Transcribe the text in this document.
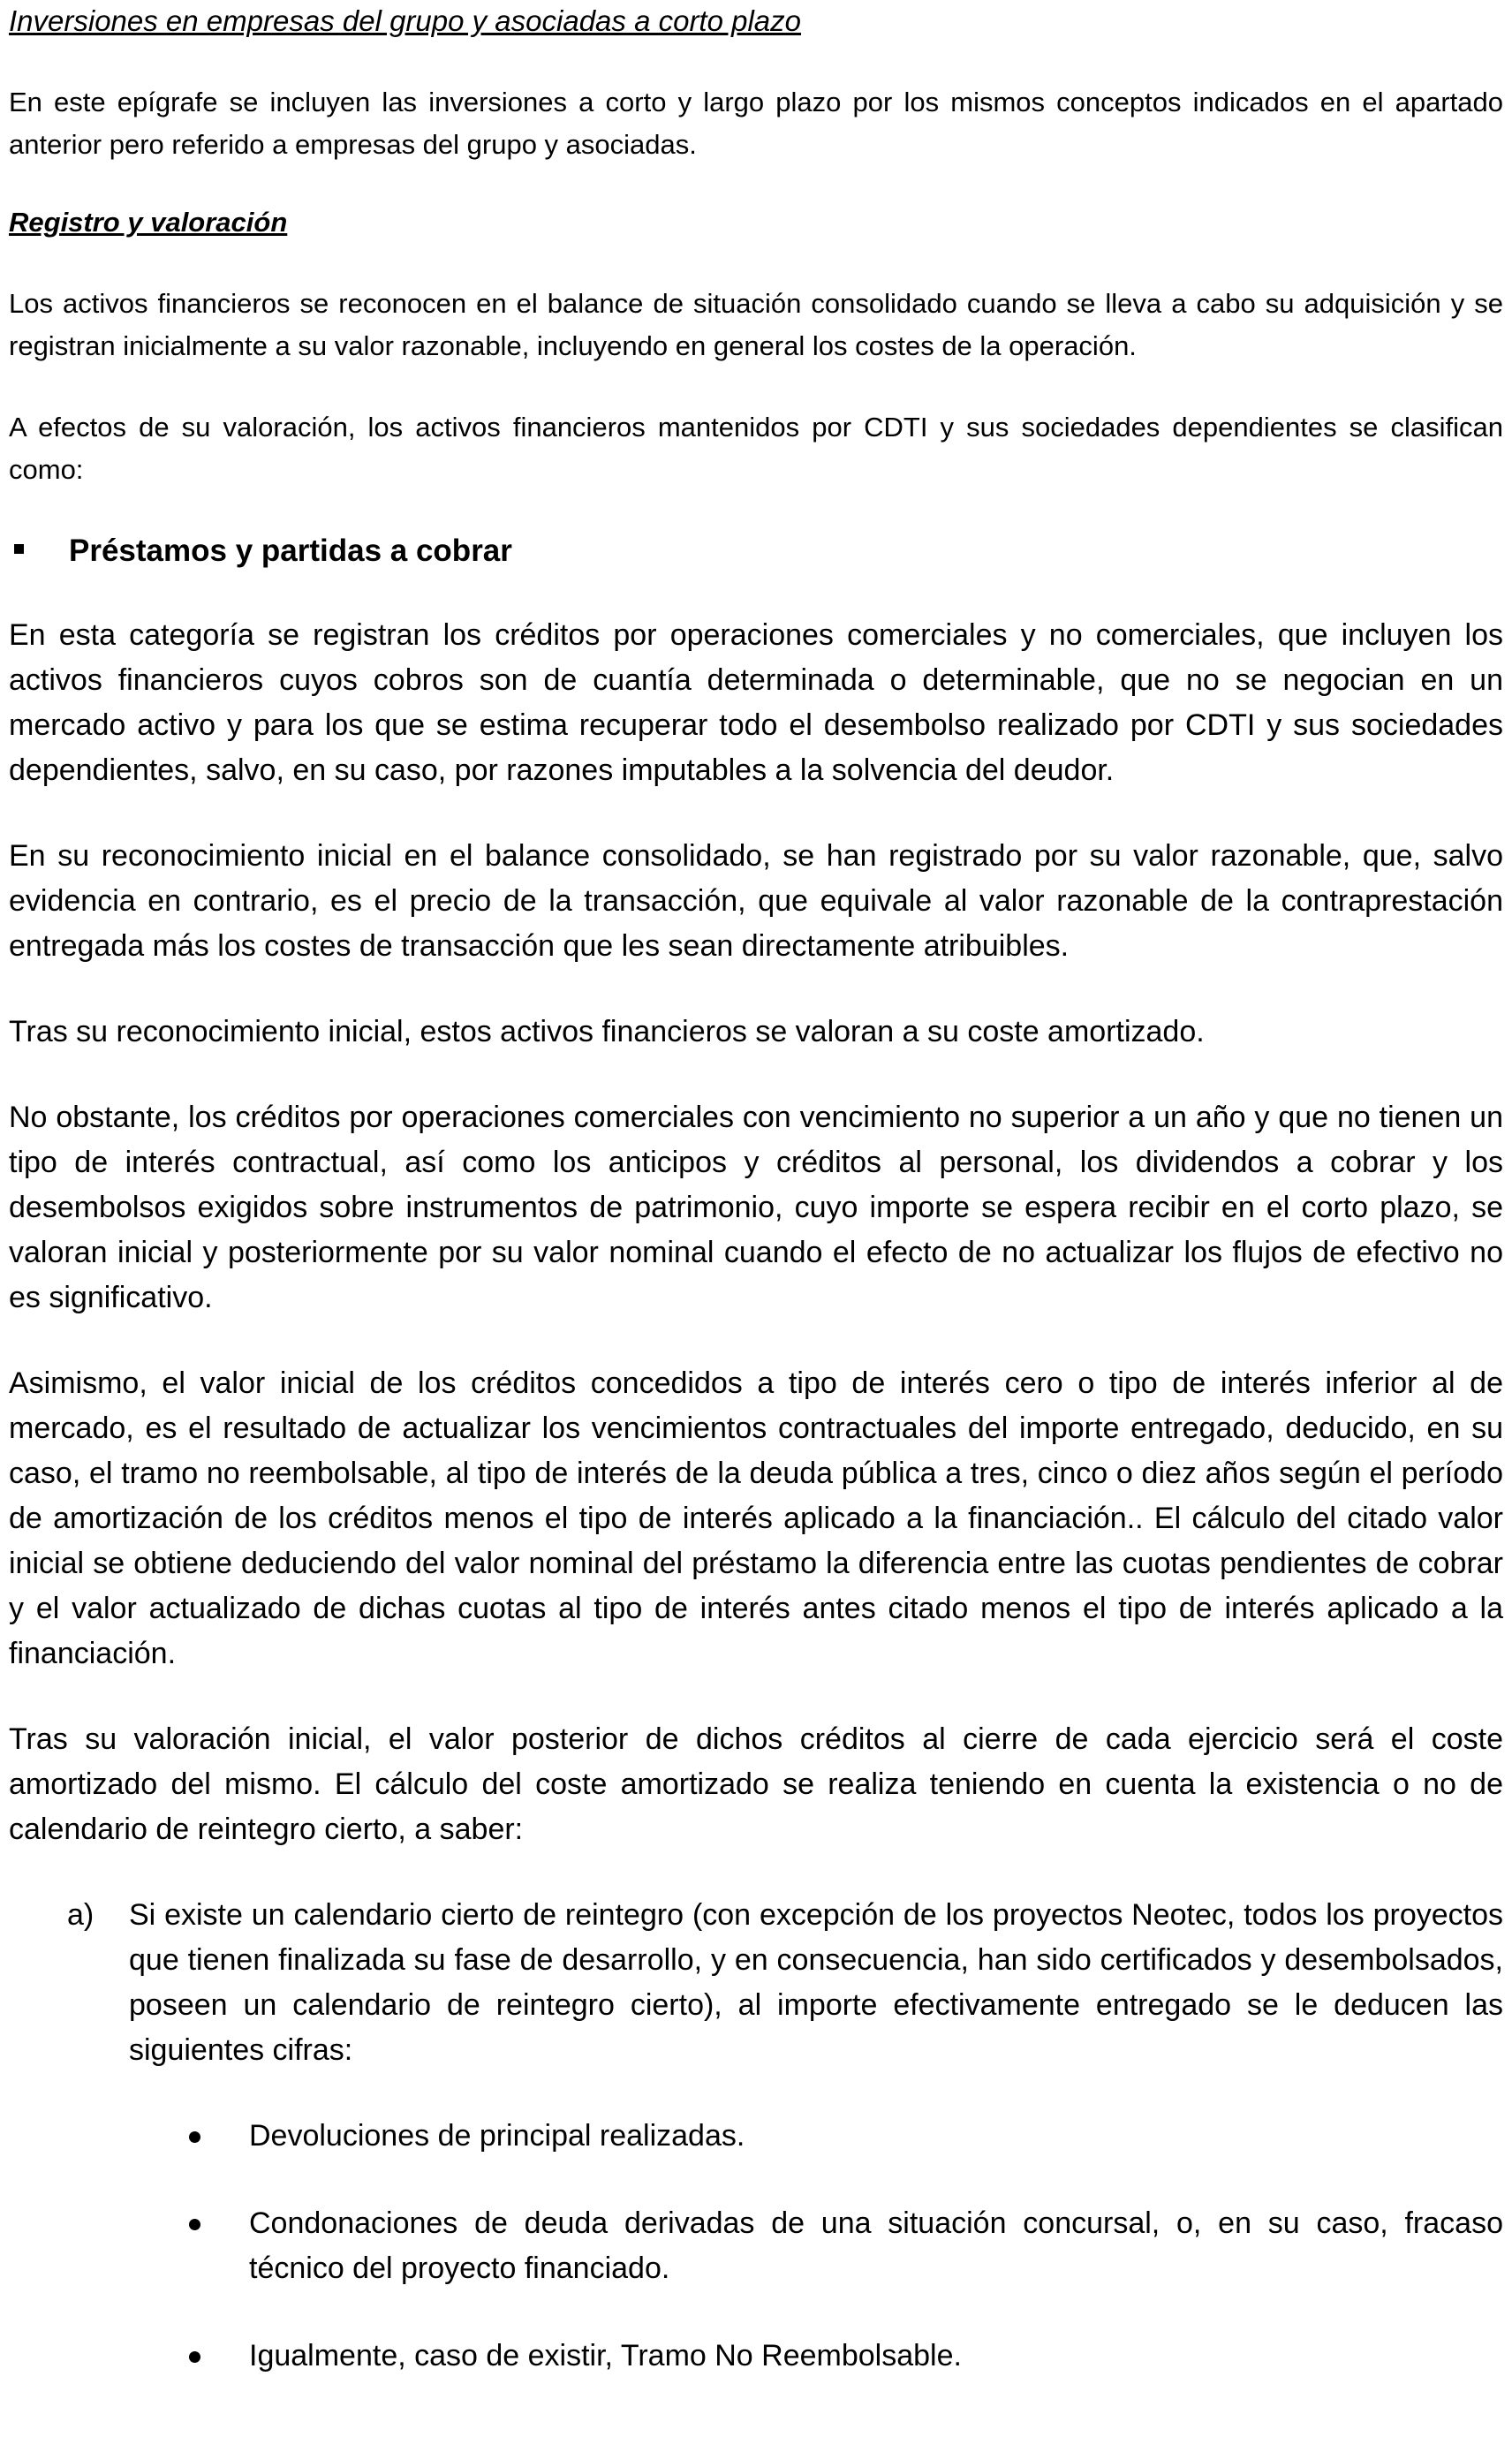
Inversiones en empresas del grupo y asociadas a corto plazo

En este epígrafe se incluyen las inversiones a corto y largo plazo por los mismos conceptos indicados en el apartado anterior pero referido a empresas del grupo y asociadas.

Registro y valoración

Los activos financieros se reconocen en el balance de situación consolidado cuando se lleva a cabo su adquisición y se registran inicialmente a su valor razonable, incluyendo en general los costes de la operación.

A efectos de su valoración, los activos financieros mantenidos por CDTI y sus sociedades dependientes se clasifican como:

Préstamos y partidas a cobrar

En esta categoría se registran los créditos por operaciones comerciales y no comerciales, que incluyen los activos financieros cuyos cobros son de cuantía determinada o determinable, que no se negocian en un mercado activo y para los que se estima recuperar todo el desembolso realizado por CDTI y sus sociedades dependientes, salvo, en su caso, por razones imputables a la solvencia del deudor.

En su reconocimiento inicial en el balance consolidado, se han registrado por su valor razonable, que, salvo evidencia en contrario, es el precio de la transacción, que equivale al valor razonable de la contraprestación entregada más los costes de transacción que les sean directamente atribuibles.

Tras su reconocimiento inicial, estos activos financieros se valoran a su coste amortizado.

No obstante, los créditos por operaciones comerciales con vencimiento no superior a un año y que no tienen un tipo de interés contractual, así como los anticipos y créditos al personal, los dividendos a cobrar y los desembolsos exigidos sobre instrumentos de patrimonio, cuyo importe se espera recibir en el corto plazo, se valoran inicial y posteriormente por su valor nominal cuando el efecto de no actualizar los flujos de efectivo no es significativo.

Asimismo, el valor inicial de los créditos concedidos a tipo de interés cero o tipo de interés inferior al de mercado, es el resultado de actualizar los vencimientos contractuales del importe entregado, deducido, en su caso, el tramo no reembolsable, al tipo de interés de la deuda pública a tres, cinco o diez años según el período de amortización de los créditos menos el tipo de interés aplicado a la financiación.. El cálculo del citado valor inicial se obtiene deduciendo del valor nominal del préstamo la diferencia entre las cuotas pendientes de cobrar y el valor actualizado de dichas cuotas al tipo de interés antes citado menos el tipo de interés aplicado a la financiación.

Tras su valoración inicial, el valor posterior de dichos créditos al cierre de cada ejercicio será el coste amortizado del mismo. El cálculo del coste amortizado se realiza teniendo en cuenta la existencia o no de calendario de reintegro cierto, a saber:

a)	Si existe un calendario cierto de reintegro (con excepción de los proyectos Neotec, todos los proyectos que tienen finalizada su fase de desarrollo, y en consecuencia, han sido certificados y desembolsados, poseen un calendario de reintegro cierto), al importe efectivamente entregado se le deducen las siguientes cifras:
Devoluciones de principal realizadas.
Condonaciones de deuda derivadas de una situación concursal, o, en su caso, fracaso técnico del proyecto financiado.
Igualmente, caso de existir, Tramo No Reembolsable.
